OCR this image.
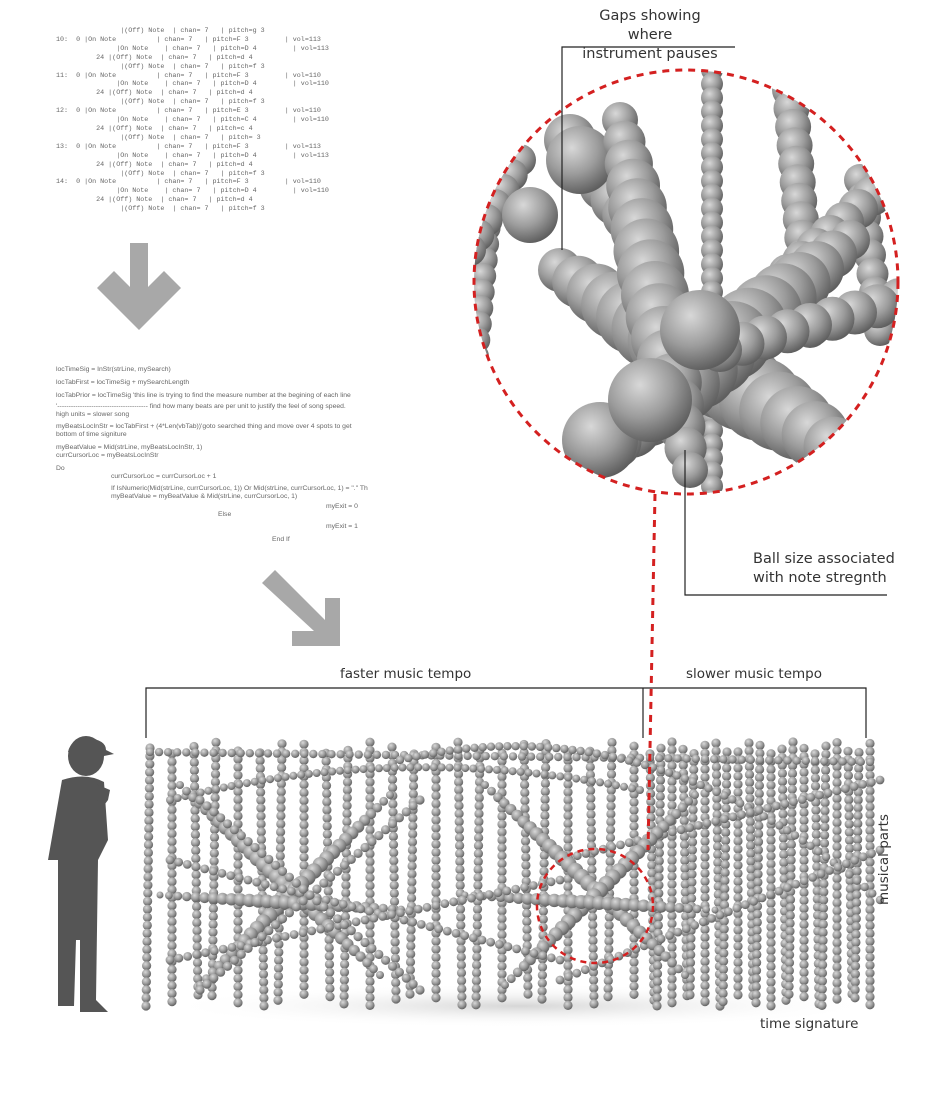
|(Off) Note  | chan= 7   | pitch=g 3
10:  0 |On Note          | chan= 7   | pitch=F 3         | vol=113
|On Note    | chan= 7   | pitch=D 4         | vol=113
24 |(Off) Note  | chan= 7   | pitch=d 4
|(Off) Note  | chan= 7   | pitch=f 3
11:  0 |On Note          | chan= 7   | pitch=F 3         | vol=110
|On Note    | chan= 7   | pitch=D 4         | vol=110
24 |(Off) Note  | chan= 7   | pitch=d 4
|(Off) Note  | chan= 7   | pitch=f 3
12:  0 |On Note          | chan= 7   | pitch=E 3         | vol=110
|On Note    | chan= 7   | pitch=C 4         | vol=110
24 |(Off) Note  | chan= 7   | pitch=c 4
|(Off) Note  | chan= 7   | pitch= 3
13:  0 |On Note          | chan= 7   | pitch=F 3         | vol=113
|On Note    | chan= 7   | pitch=D 4         | vol=113
24 |(Off) Note  | chan= 7   | pitch=d 4
|(Off) Note  | chan= 7   | pitch=f 3
14:  0 |On Note          | chan= 7   | pitch=F 3         | vol=110
|On Note    | chan= 7   | pitch=D 4         | vol=110
24 |(Off) Note  | chan= 7   | pitch=d 4
|(Off) Note  | chan= 7   | pitch=f 3
locTimeSig = InStr(strLine, mySearch)
locTabFirst = locTimeSig + mySearchLength
locTabPrior = locTimeSig 'this line is trying to find the measure number at the begining of each line
'---------------------------------------- find how many beats are per unit to justify the feel of song speed.
high units = slower song
myBeatsLocInStr = locTabFirst + (4*Len(vbTab))'goto searched thing and move over 4 spots to get
bottom of time signiture
myBeatValue = Mid(strLine, myBeatsLocInStr, 1)
currCursorLoc = myBeatsLocInStr
Do
currCursorLoc = currCursorLoc + 1
If IsNumeric(Mid(strLine, currCursorLoc, 1)) Or Mid(strLine, currCursorLoc, 1) = "." Th
myBeatValue = myBeatValue & Mid(strLine, currCursorLoc, 1)
myExit = 0
Else
myExit = 1
End If
Gaps showing where
instrument pauses
Ball size associated
with note stregnth
faster music tempo	slower music tempo
musical parts
time signature
